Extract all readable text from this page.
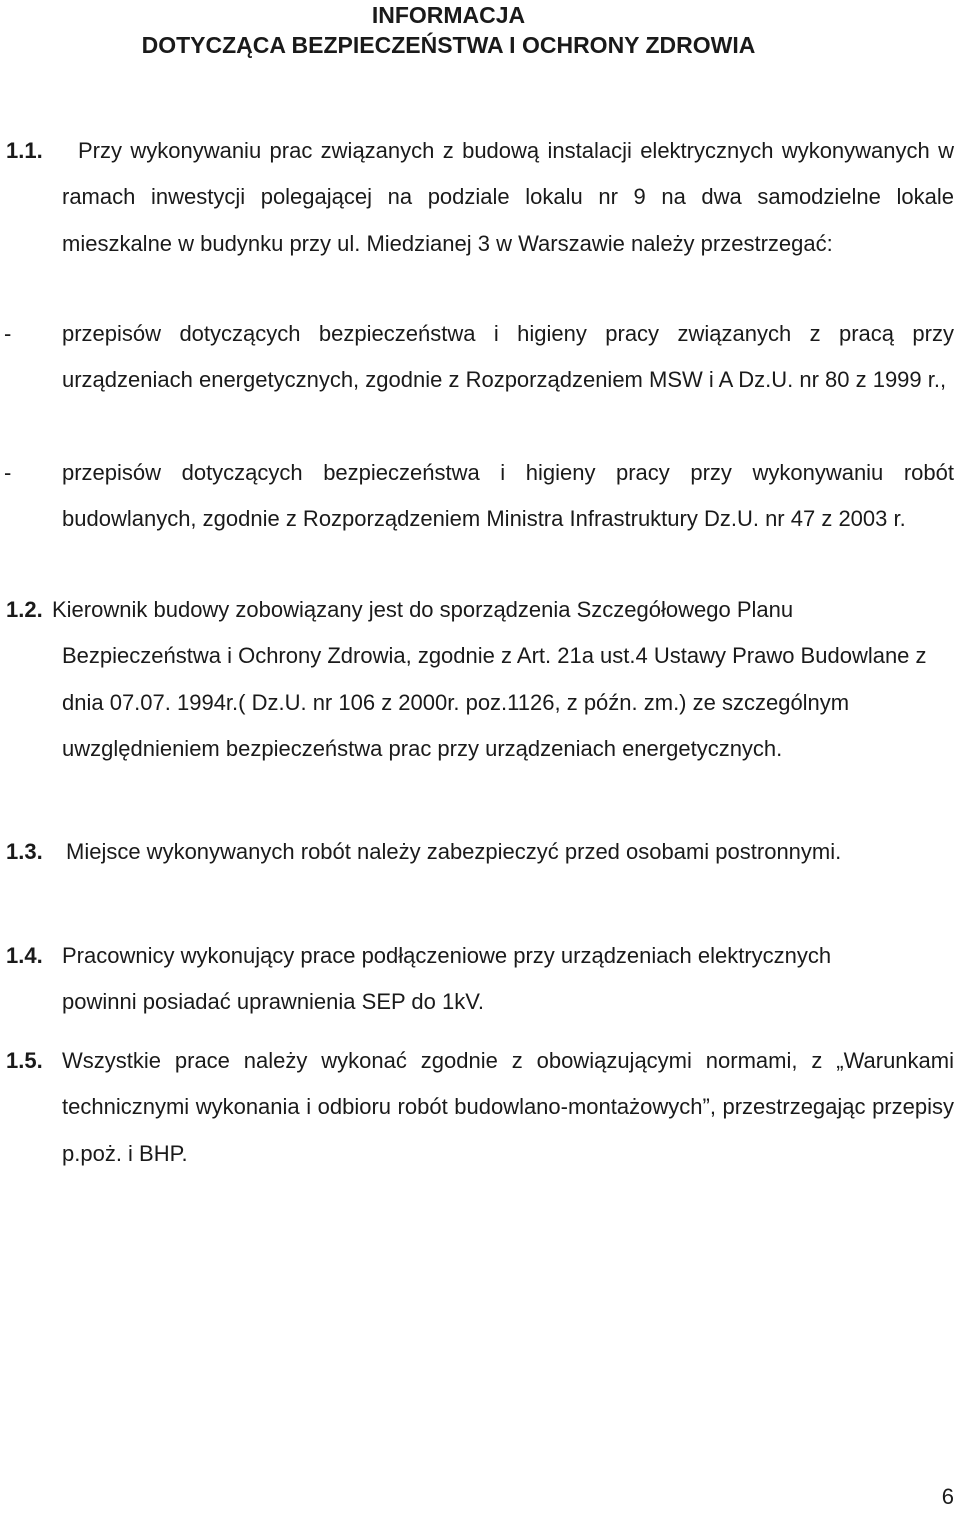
INFORMACJA
DOTYCZĄCA BEZPIECZEŃSTWA I OCHRONY ZDROWIA
1.1.	Przy wykonywaniu prac związanych z budową instalacji elektrycznych wykonywanych w ramach inwestycji polegającej na podziale lokalu nr 9 na dwa samodzielne lokale mieszkalne w budynku przy ul. Miedzianej 3 w Warszawie należy przestrzegać:

- przepisów dotyczących bezpieczeństwa i higieny pracy związanych z pracą przy urządzeniach energetycznych, zgodnie z Rozporządzeniem MSW i A Dz.U. nr 80 z 1999 r.,

- przepisów dotyczących bezpieczeństwa i higieny pracy przy wykonywaniu robót budowlanych, zgodnie z Rozporządzeniem Ministra Infrastruktury Dz.U. nr 47 z 2003 r.

1.2. Kierownik budowy zobowiązany jest do sporządzenia Szczegółowego Planu Bezpieczeństwa i Ochrony Zdrowia, zgodnie z Art. 21a ust.4 Ustawy Prawo Budowlane z dnia 07.07. 1994r.( Dz.U. nr 106 z 2000r. poz.1126, z późn. zm.) ze szczególnym uwzględnieniem bezpieczeństwa prac przy urządzeniach energetycznych.

1.3. Miejsce wykonywanych robót należy zabezpieczyć przed osobami postronnymi.

1.4. Pracownicy wykonujący prace podłączeniowe przy urządzeniach elektrycznych powinni posiadać uprawnienia SEP do 1kV.

1.5. Wszystkie prace należy wykonać zgodnie z obowiązującymi normami, z „Warunkami technicznymi wykonania i odbioru robót budowlano-montażowych”, przestrzegając przepisy p.poż. i BHP.

6
